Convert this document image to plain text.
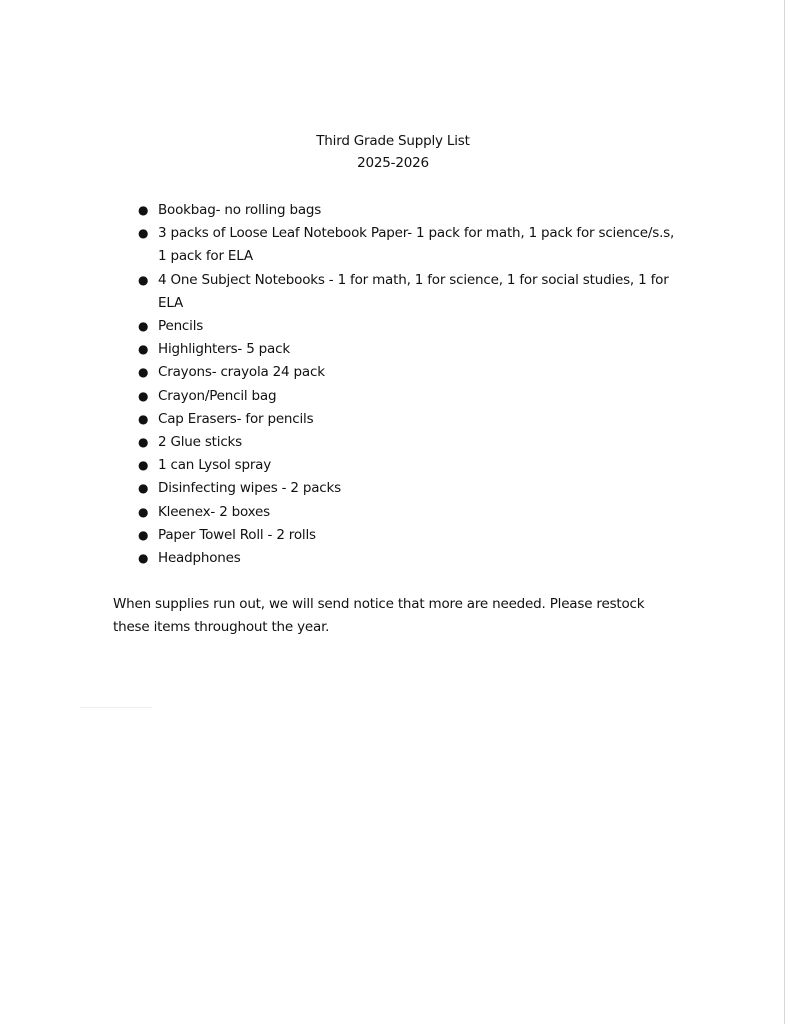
Third Grade Supply List
2025-2026
● Bookbag- no rolling bags
● 3 packs of Loose Leaf Notebook Paper- 1 pack for math, 1 pack for science/s.s, 1 pack for ELA
● 4 One Subject Notebooks - 1 for math, 1 for science, 1 for social studies, 1 for ELA
● Pencils
● Highlighters- 5 pack
● Crayons- crayola 24 pack
● Crayon/Pencil bag
● Cap Erasers- for pencils
● 2 Glue sticks
● 1 can Lysol spray
● Disinfecting wipes - 2 packs
● Kleenex- 2 boxes
● Paper Towel Roll - 2 rolls
● Headphones

When supplies run out, we will send notice that more are needed. Please restock these items throughout the year.
